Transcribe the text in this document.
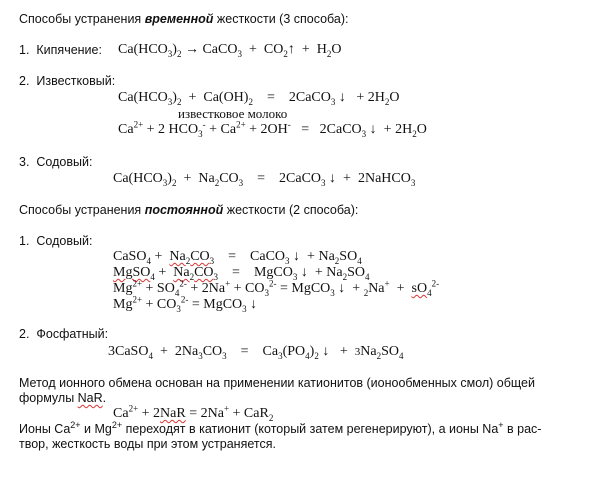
Способы устранения временной жесткости (3 способа):
1. Кипячение: $Ca(HCO_3)_2$ → CaCO$_3$ + $CO_2↑ + H_2O$
2. Известковый:
$Ca(HCO_3)_2 + Ca(OH)_2$ = 2CaCO$_3$ ↓ + $2H_2O$
известковое молоко
$Ca^{2+} + 2$ $HCO_3^- + Ca^{2+} + 2OH^-$ = 2CaCO$_3$ ↓ + $2H_2O$
3. Содовый:
$Ca(HCO_3)_2 + Na_2CO_3$ = 2CaCO$_3$ ↓ + 2NaHCO$_3$
Способы устранения постоянной жесткости (2 способа):
1. Содовый:
CaSO$_4$ + $Na_2CO_3$ = CaCO$_3$ ↓ + $Na_2SO_4$
MgSO$_4$ + $Na_2CO_3$ = MgCO$_3$ ↓ + $Na_2SO_4$
$Mg^{2+} + SO_4^{2-} + 2Na^+ + CO_3^{2-}$ = MgCO$_3$ ↓ + $_2Na^+ + sO_4^{2-}$
$Mg^{2+} + CO_3^{2-}$ = MgCO$_3$ ↓
2. Фосфатный:
3CaSO$_4$ + $2Na_3CO_3 = Ca_3(PO_4)_2$ ↓ + $3Na_2SO_4$
Метод ионного обмена основан на применении катионитов (ионообменных смол) общей
формулы NaR.
$Ca^{2+} + 2NaR = 2Na^+ + CaR_2$
Ионы $Ca^{2+}$ и $Mg^{2+}$ переходят в катионит (который затем регенерируют), а ионы Na+ в рас-
твор, жесткость воды при этом устраняется.
